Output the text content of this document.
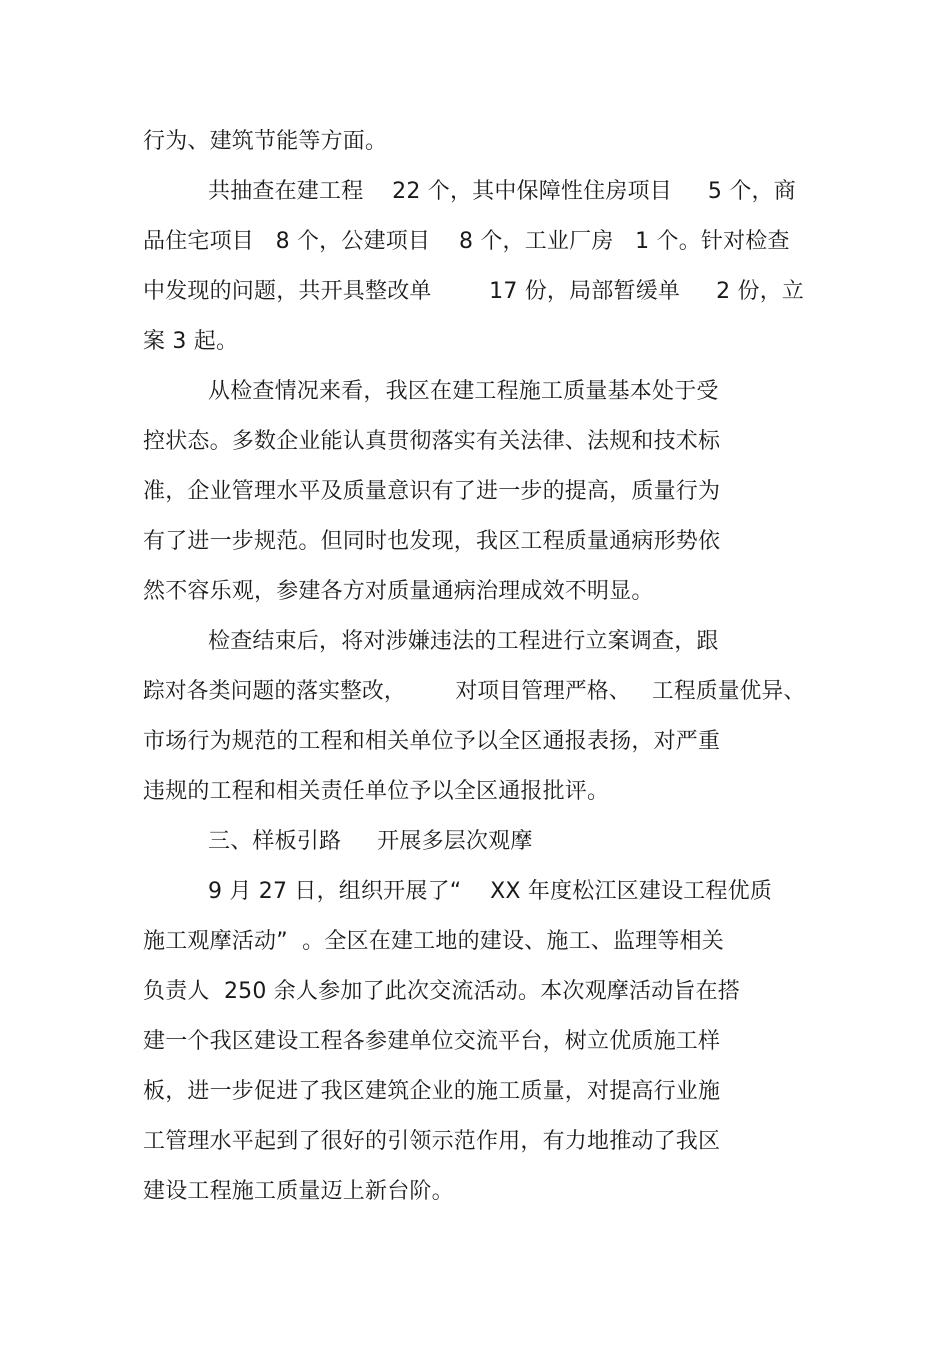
行为、建筑节能等方面。
共抽查在建工程    22 个，其中保障性住房项目     5 个，商
品住宅项目   8 个，公建项目    8 个，工业厂房   1 个。针对检查
中发现的问题，共开具整改单        17 份，局部暂缓单     2 份，立
案 3 起。
从检查情况来看，我区在建工程施工质量基本处于受
控状态。多数企业能认真贯彻落实有关法律、法规和技术标
准，企业管理水平及质量意识有了进一步的提高，质量行为
有了进一步规范。但同时也发现，我区工程质量通病形势依
然不容乐观，参建各方对质量通病治理成效不明显。
检查结束后，将对涉嫌违法的工程进行立案调查，跟
踪对各类问题的落实整改，       对项目管理严格、   工程质量优异、
市场行为规范的工程和相关单位予以全区通报表扬，对严重
违规的工程和相关责任单位予以全区通报批评。
三、样板引路     开展多层次观摩
9 月 27 日，组织开展了“    XX 年度松江区建设工程优质
施工观摩活动”  。全区在建工地的建设、施工、监理等相关
负责人  250 余人参加了此次交流活动。本次观摩活动旨在搭
建一个我区建设工程各参建单位交流平台，树立优质施工样
板，进一步促进了我区建筑企业的施工质量，对提高行业施
工管理水平起到了很好的引领示范作用，有力地推动了我区
建设工程施工质量迈上新台阶。
